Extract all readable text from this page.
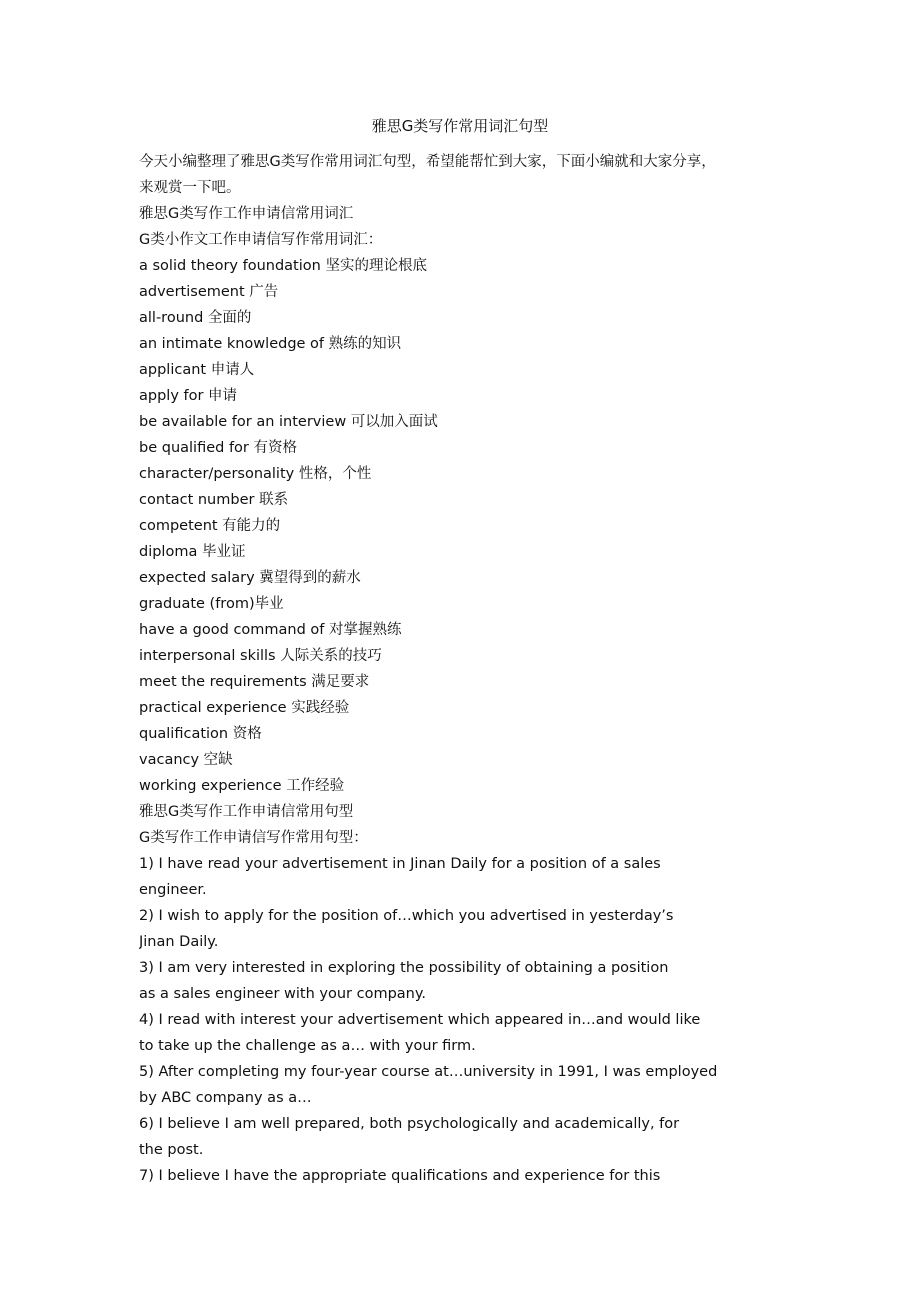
雅思G类写作常用词汇句型
今天小编整理了雅思G类写作常用词汇句型，希望能帮忙到大家，下面小编就和大家分享，
来观赏一下吧。
雅思G类写作工作申请信常用词汇
G类小作文工作申请信写作常用词汇：
a solid theory foundation 坚实的理论根底
advertisement 广告
all-round 全面的
an intimate knowledge of 熟练的知识
applicant 申请人
apply for 申请
be available for an interview 可以加入面试
be qualified for 有资格
character/personality 性格，个性
contact number 联系
competent 有能力的
diploma 毕业证
expected salary 冀望得到的薪水
graduate (from)毕业
have a good command of 对掌握熟练
interpersonal skills 人际关系的技巧
meet the requirements 满足要求
practical experience 实践经验
qualification 资格
vacancy 空缺
working experience 工作经验
雅思G类写作工作申请信常用句型
G类写作工作申请信写作常用句型：
1) I have read your advertisement in Jinan Daily for a position of a sales
engineer.
2) I wish to apply for the position of…which you advertised in yesterday’s
Jinan Daily.
3) I am very interested in exploring the possibility of obtaining a position
as a sales engineer with your company.
4) I read with interest your advertisement which appeared in…and would like
to take up the challenge as a… with your firm.
5) After completing my four-year course at…university in 1991, I was employed
by ABC company as a…
6) I believe I am well prepared, both psychologically and academically, for
the post.
7) I believe I have the appropriate qualifications and experience for this
